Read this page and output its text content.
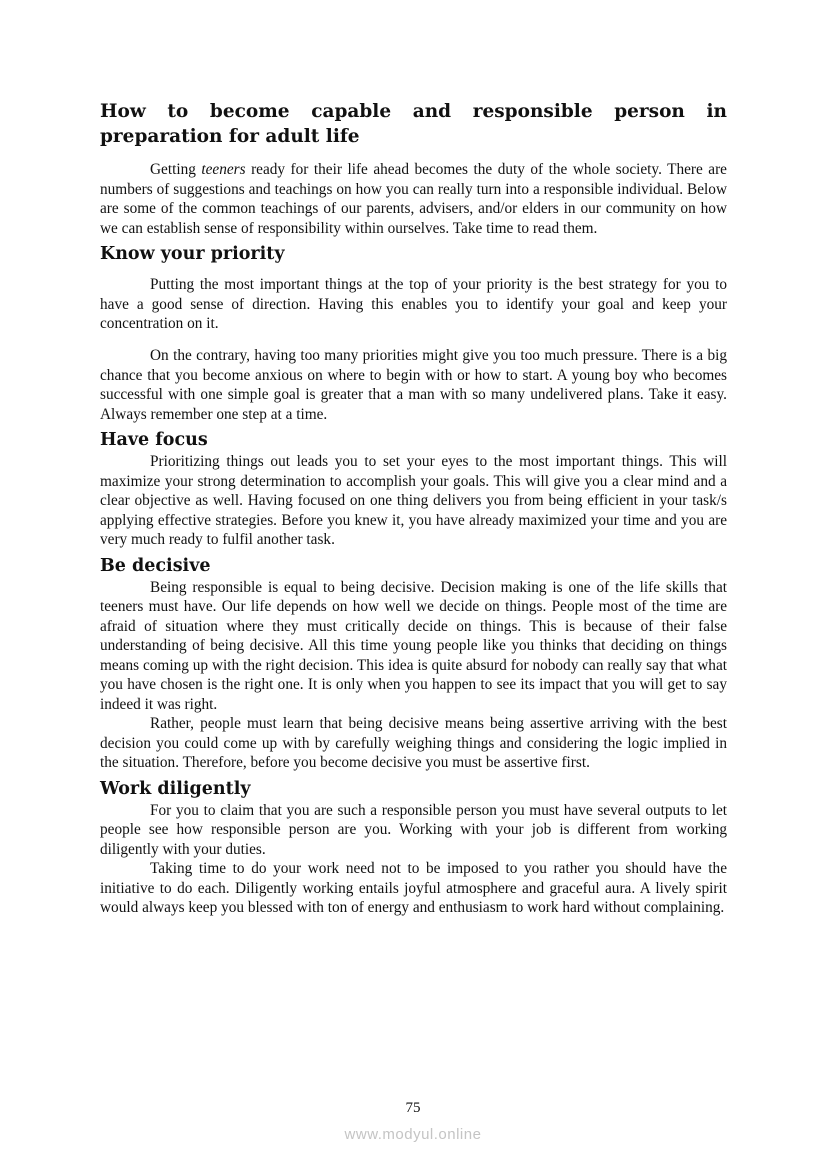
How to become capable and responsible person in preparation for adult life

Getting teeners ready for their life ahead becomes the duty of the whole society. There are numbers of suggestions and teachings on how you can really turn into a responsible individual. Below are some of the common teachings of our parents, advisers, and/or elders in our community on how we can establish sense of responsibility within ourselves. Take time to read them.

Know your priority

Putting the most important things at the top of your priority is the best strategy for you to have a good sense of direction. Having this enables you to identify your goal and keep your concentration on it.

On the contrary, having too many priorities might give you too much pressure. There is a big chance that you become anxious on where to begin with or how to start. A young boy who becomes successful with one simple goal is greater that a man with so many undelivered plans. Take it easy. Always remember one step at a time.

Have focus

Prioritizing things out leads you to set your eyes to the most important things. This will maximize your strong determination to accomplish your goals. This will give you a clear mind and a clear objective as well. Having focused on one thing delivers you from being efficient in your task/s applying effective strategies. Before you knew it, you have already maximized your time and you are very much ready to fulfil another task.

Be decisive

Being responsible is equal to being decisive. Decision making is one of the life skills that teeners must have. Our life depends on how well we decide on things. People most of the time are afraid of situation where they must critically decide on things. This is because of their false understanding of being decisive. All this time young people like you thinks that deciding on things means coming up with the right decision. This idea is quite absurd for nobody can really say that what you have chosen is the right one. It is only when you happen to see its impact that you will get to say indeed it was right.

Rather, people must learn that being decisive means being assertive arriving with the best decision you could come up with by carefully weighing things and considering the logic implied in the situation. Therefore, before you become decisive you must be assertive first.

Work diligently

For you to claim that you are such a responsible person you must have several outputs to let people see how responsible person are you. Working with your job is different from working diligently with your duties.

Taking time to do your work need not to be imposed to you rather you should have the initiative to do each. Diligently working entails joyful atmosphere and graceful aura. A lively spirit would always keep you blessed with ton of energy and enthusiasm to work hard without complaining.

75
www.modyul.online
